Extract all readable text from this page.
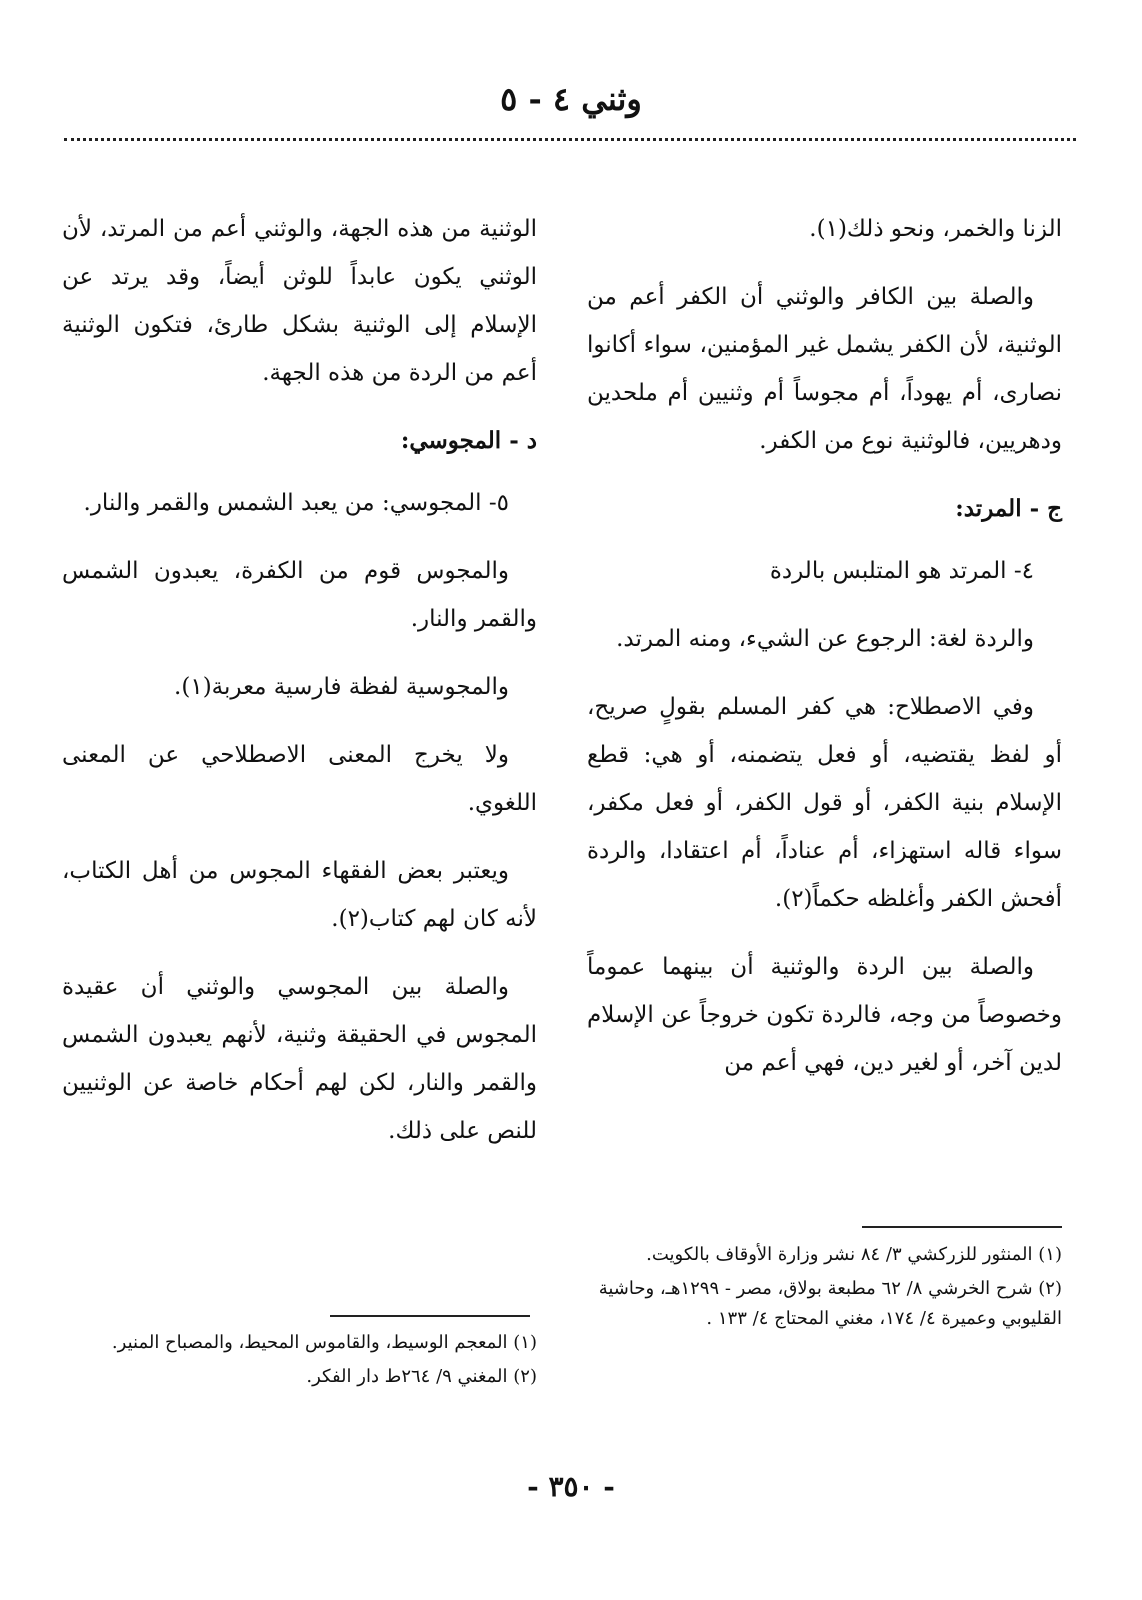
وثني ٤ - ٥

الزنا والخمر، ونحو ذلك(١).

والصلة بين الكافر والوثني أن الكفر أعم من الوثنية، لأن الكفر يشمل غير المؤمنين، سواء أكانوا نصارى، أم يهوداً، أم مجوساً أم وثنيين أم ملحدين ودهريين، فالوثنية نوع من الكفر.

ج - المرتد:

٤- المرتد هو المتلبس بالردة

والردة لغة: الرجوع عن الشيء، ومنه المرتد.

وفي الاصطلاح: هي كفر المسلم بقولٍ صريح، أو لفظ يقتضيه، أو فعل يتضمنه، أو هي: قطع الإسلام بنية الكفر، أو قول الكفر، أو فعل مكفر، سواء قاله استهزاء، أم عناداً، أم اعتقادا، والردة أفحش الكفر وأغلظه حكماً(٢).

والصلة بين الردة والوثنية أن بينهما عموماً وخصوصاً من وجه، فالردة تكون خروجاً عن الإسلام لدين آخر، أو لغير دين، فهي أعم من

الوثنية من هذه الجهة، والوثني أعم من المرتد، لأن الوثني يكون عابداً للوثن أيضاً، وقد يرتد عن الإسلام إلى الوثنية بشكل طارئ، فتكون الوثنية أعم من الردة من هذه الجهة.

د - المجوسي:

٥- المجوسي: من يعبد الشمس والقمر والنار.

والمجوس قوم من الكفرة، يعبدون الشمس والقمر والنار.

والمجوسية لفظة فارسية معربة(١).

ولا يخرج المعنى الاصطلاحي عن المعنى اللغوي.

ويعتبر بعض الفقهاء المجوس من أهل الكتاب، لأنه كان لهم كتاب(٢).

والصلة بين المجوسي والوثني أن عقيدة المجوس في الحقيقة وثنية، لأنهم يعبدون الشمس والقمر والنار، لكن لهم أحكام خاصة عن الوثنيين للنص على ذلك.

(١) المنثور للزركشي ٣/ ٨٤ نشر وزارة الأوقاف بالكويت.
(٢) شرح الخرشي ٨/ ٦٢ مطبعة بولاق، مصر - ١٢٩٩هـ، وحاشية القليوبي وعميرة ٤/ ١٧٤، مغني المحتاج ٤/ ١٣٣ .
(١) المعجم الوسيط، والقاموس المحيط، والمصباح المنير.
(٢) المغني ٩/ ٢٦٤ط دار الفكر.
- ٣٥٠ -
